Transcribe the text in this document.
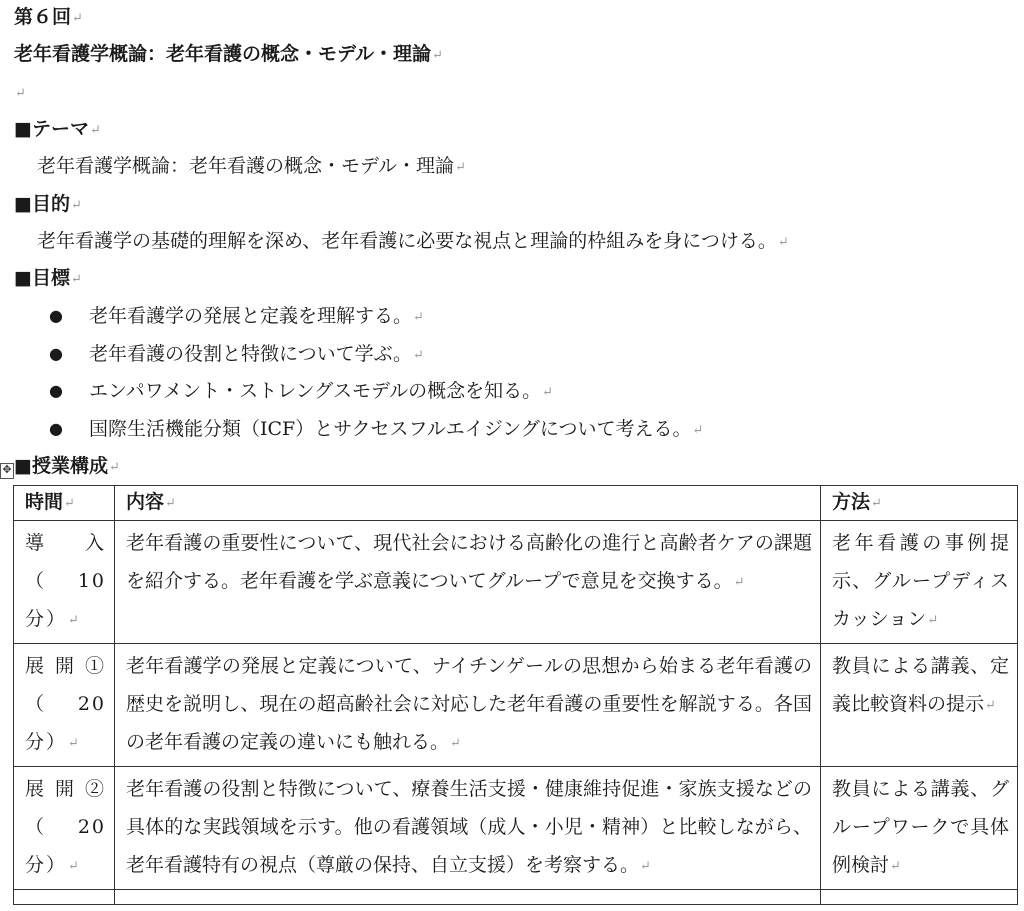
第６回↵
老年看護学概論：老年看護の概念・モデル・理論↵
↵
■テーマ↵
老年看護学概論：老年看護の概念・モデル・理論↵
■目的↵
老年看護学の基礎的理解を深め、老年看護に必要な視点と理論的枠組みを身につける。↵
■目標↵
● 老年看護学の発展と定義を理解する。↵
● 老年看護の役割と特徴について学ぶ。↵
● エンパワメント・ストレングスモデルの概念を知る。↵
● 国際生活機能分類（ICF）とサクセスフルエイジングについて考える。↵
✥ ■授業構成↵
時間↵	内容↵	方法↵
導入（10分）↵	老年看護の重要性について、現代社会における高齢化の進行と高齢者ケアの課題を紹介する。老年看護を学ぶ意義についてグループで意見を交換する。↵	老年看護の事例提示、グループディスカッション↵
展開①（20分）↵	老年看護学の発展と定義について、ナイチンゲールの思想から始まる老年看護の歴史を説明し、現在の超高齢社会に対応した老年看護の重要性を解説する。各国の老年看護の定義の違いにも触れる。↵	教員による講義、定義比較資料の提示↵
展開②（20分）↵	老年看護の役割と特徴について、療養生活支援・健康維持促進・家族支援などの具体的な実践領域を示す。他の看護領域（成人・小児・精神）と比較しながら、老年看護特有の視点（尊厳の保持、自立支援）を考察する。↵	教員による講義、グループワークで具体例検討↵
